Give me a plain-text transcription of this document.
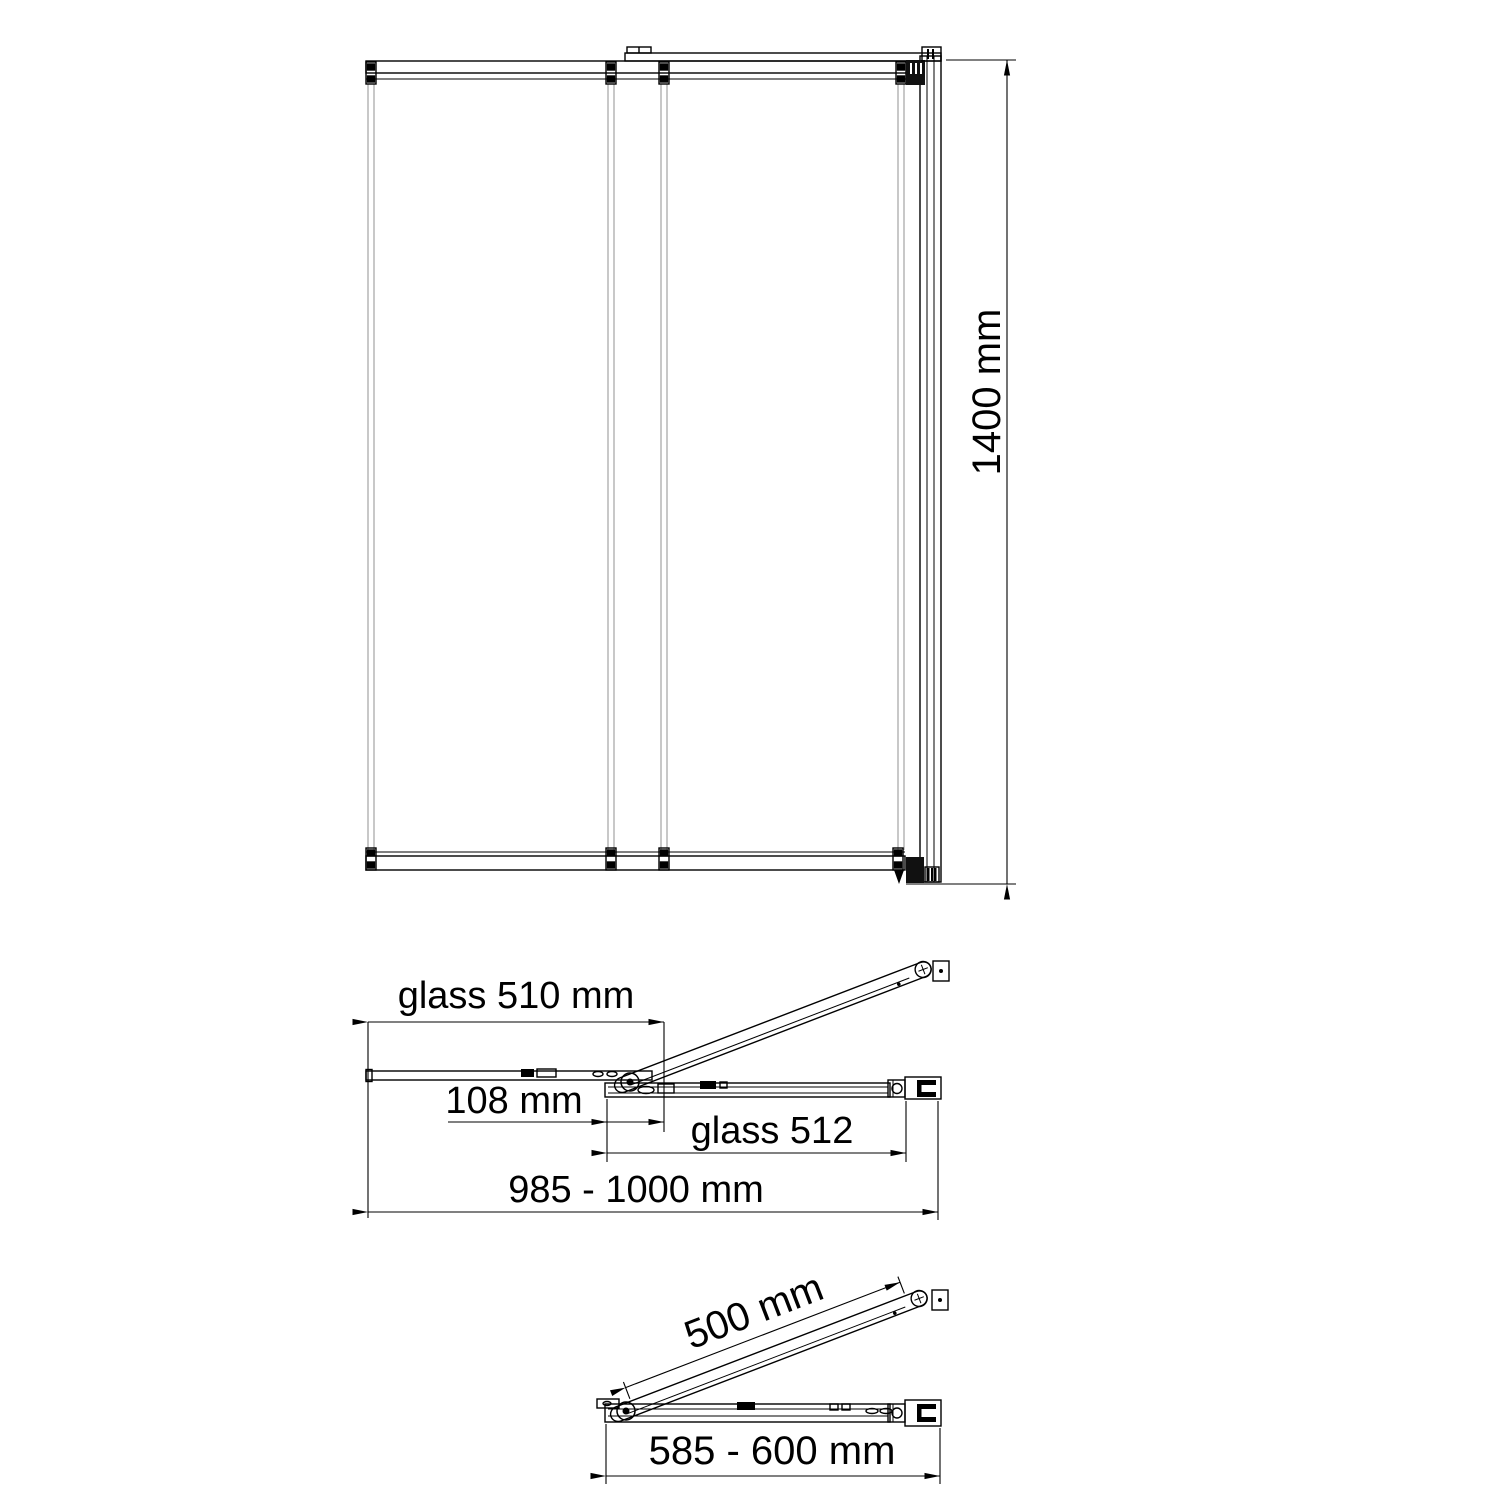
1400 mm
glass 510 mm
108 mm
glass 512
985 - 1000 mm
500 mm
585 - 600 mm
